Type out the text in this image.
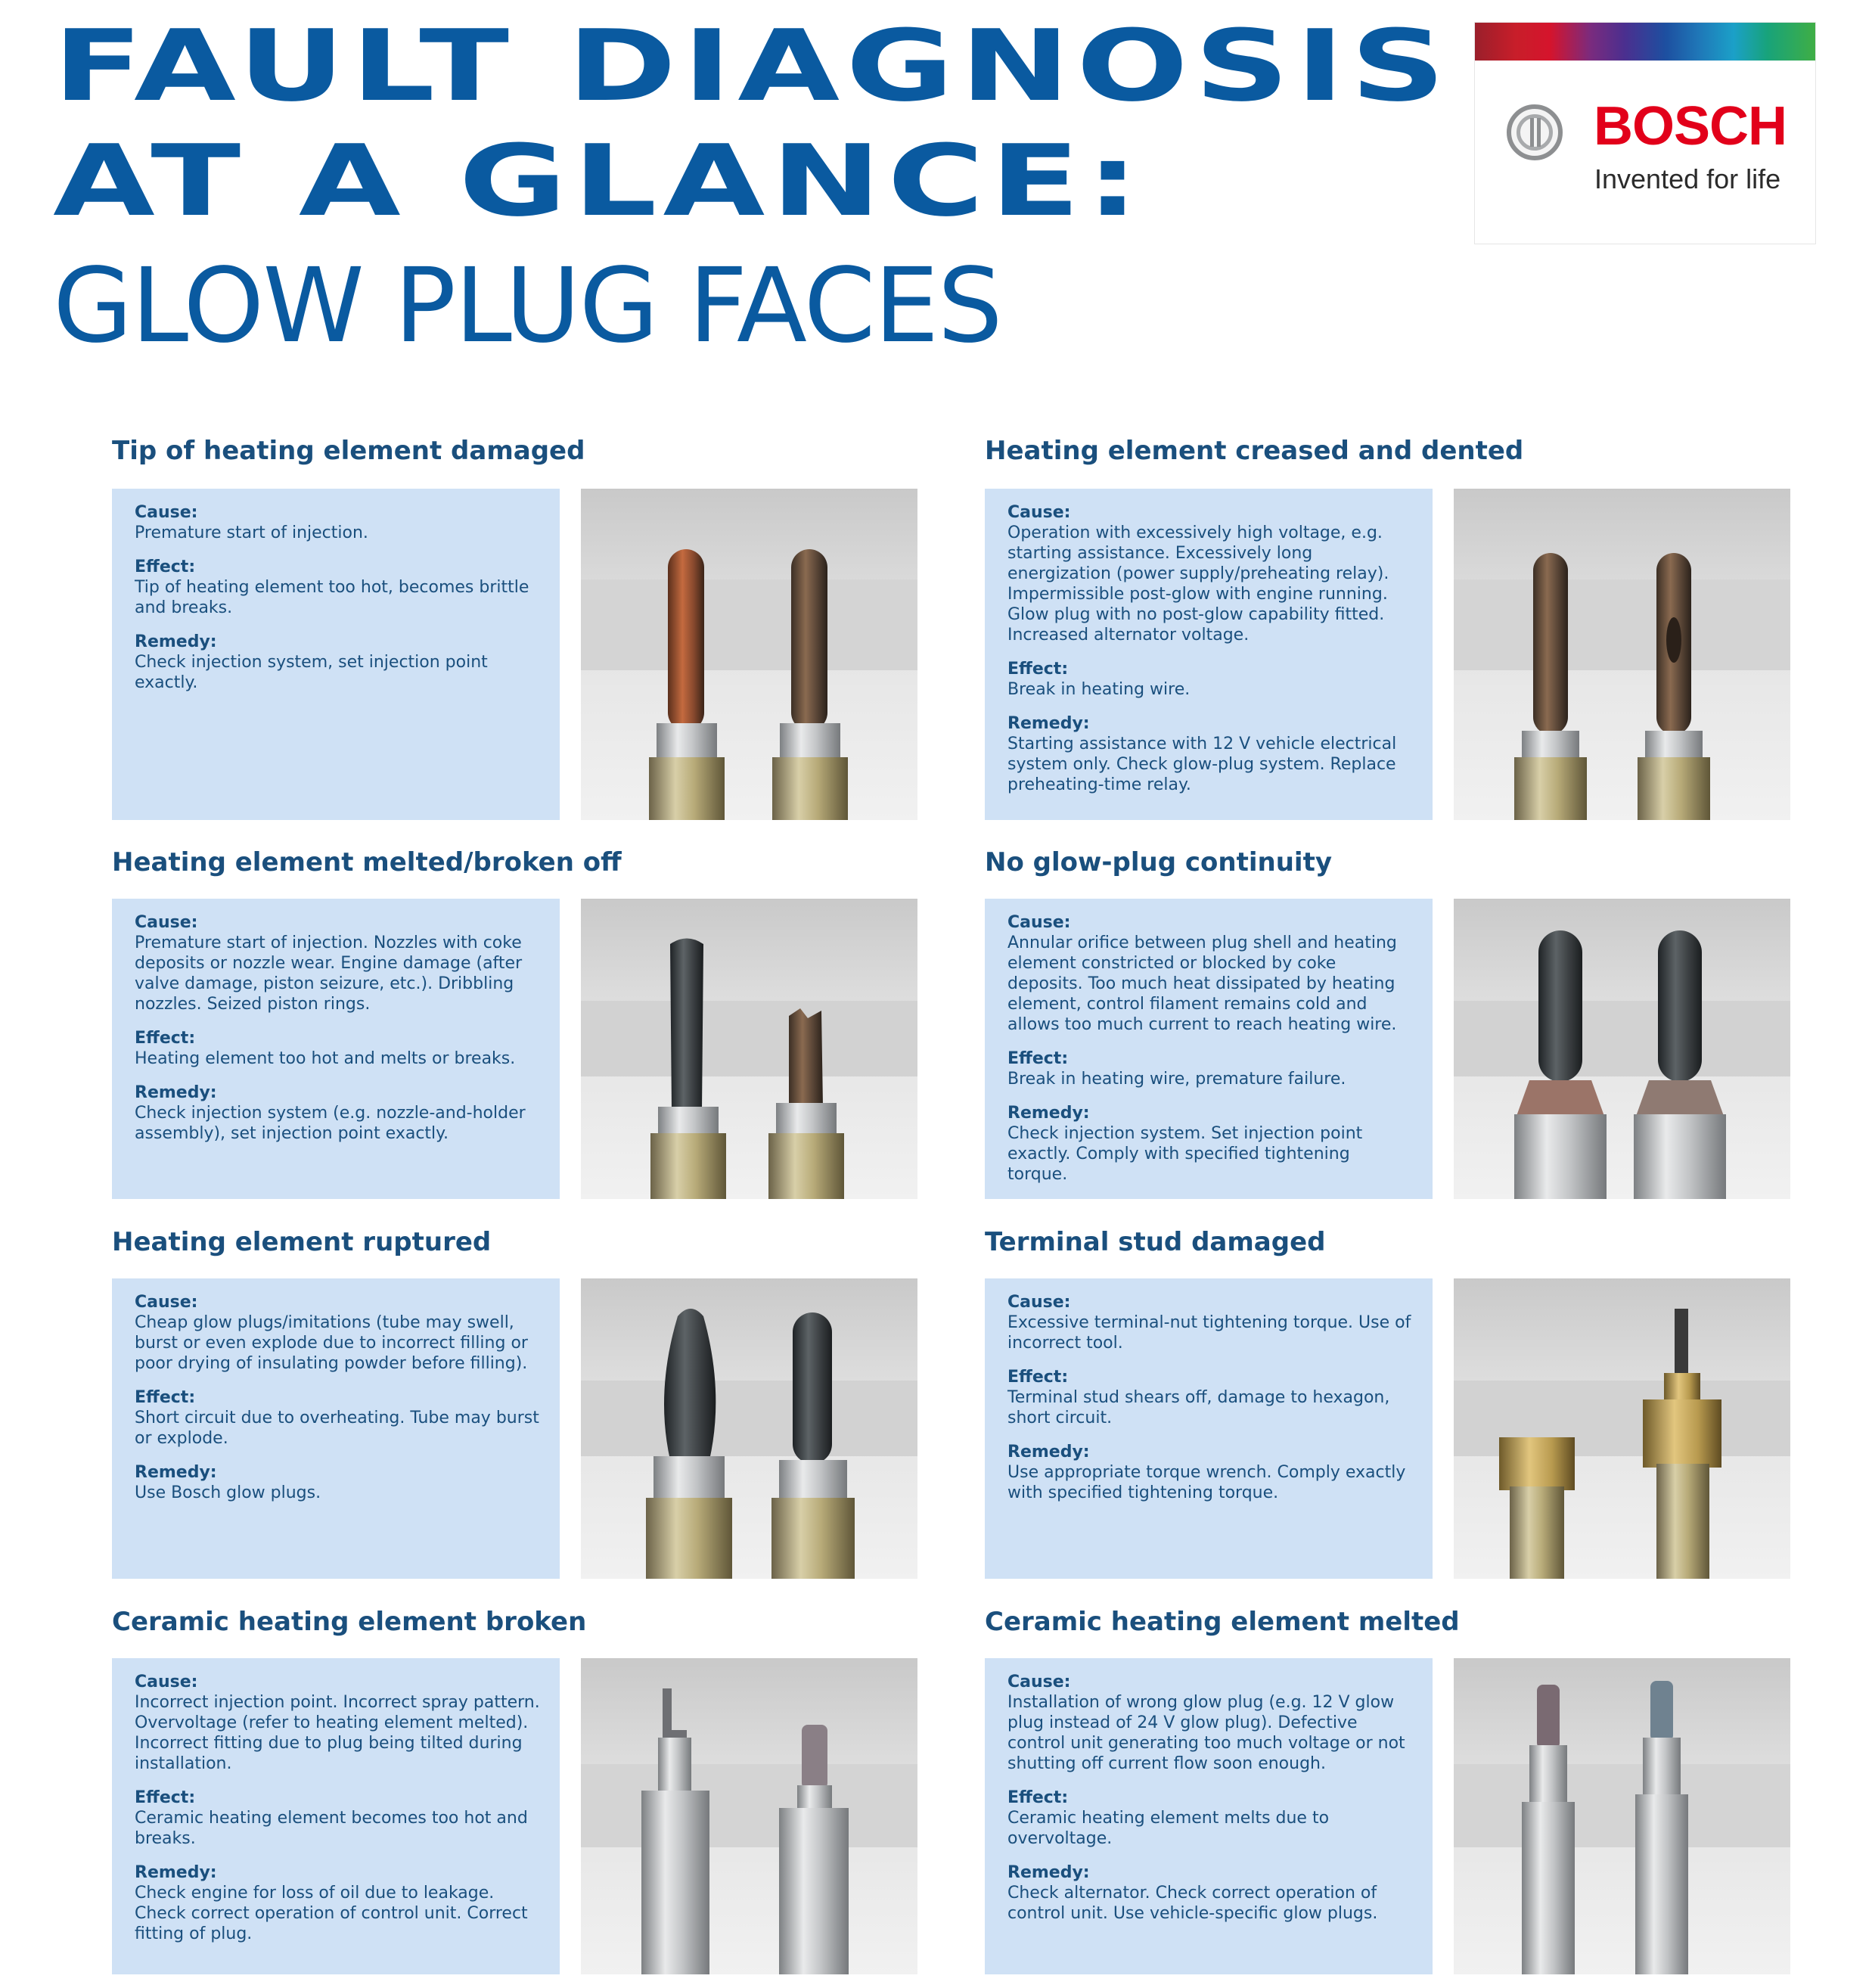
FAULT DIAGNOSIS
AT A GLANCE:
GLOW PLUG FACES

BOSCH

Invented for life

Tip of heating element damaged
Cause:
Premature start of injection.
Effect:
Tip of heating element too hot, becomes brittle and breaks.
Remedy:
Check injection system, set injection point exactly.
Heating element creased and dented
Cause:
Operation with excessively high voltage, e.g. starting assistance. Excessively long energization (power supply/preheating relay). Impermissible post-glow with engine running. Glow plug with no post-glow capability fitted. Increased alternator voltage.
Effect:
Break in heating wire.
Remedy:
Starting assistance with 12 V vehicle electrical system only. Check glow-plug system. Replace preheating-time relay.
Heating element melted/broken off
Cause:
Premature start of injection. Nozzles with coke deposits or nozzle wear. Engine damage (after valve damage, piston seizure, etc.). Dribbling nozzles. Seized piston rings.
Effect:
Heating element too hot and melts or breaks.
Remedy:
Check injection system (e.g. nozzle-and-holder assembly), set injection point exactly.
No glow-plug continuity
Cause:
Annular orifice between plug shell and heating element constricted or blocked by coke deposits. Too much heat dissipated by heating element, control filament remains cold and allows too much current to reach heating wire.
Effect:
Break in heating wire, premature failure.
Remedy:
Check injection system. Set injection point exactly. Comply with specified tightening torque.
Heating element ruptured
Cause:
Cheap glow plugs/imitations (tube may swell, burst or even explode due to incorrect filling or poor drying of insulating powder before filling).
Effect:
Short circuit due to overheating. Tube may burst or explode.
Remedy:
Use Bosch glow plugs.
Terminal stud damaged
Cause:
Excessive terminal-nut tightening torque. Use of incorrect tool.
Effect:
Terminal stud shears off, damage to hexagon, short circuit.
Remedy:
Use appropriate torque wrench. Comply exactly with specified tightening torque.
Ceramic heating element broken
Cause:
Incorrect injection point. Incorrect spray pattern. Overvoltage (refer to heating element melted). Incorrect fitting due to plug being tilted during installation.
Effect:
Ceramic heating element becomes too hot and breaks.
Remedy:
Check engine for loss of oil due to leakage. Check correct operation of control unit. Correct fitting of plug.
Ceramic heating element melted
Cause:
Installation of wrong glow plug (e.g. 12 V glow plug instead of 24 V glow plug). Defective control unit generating too much voltage or not shutting off current flow soon enough.
Effect:
Ceramic heating element melts due to overvoltage.
Remedy:
Check alternator. Check correct operation of control unit. Use vehicle-specific glow plugs.
